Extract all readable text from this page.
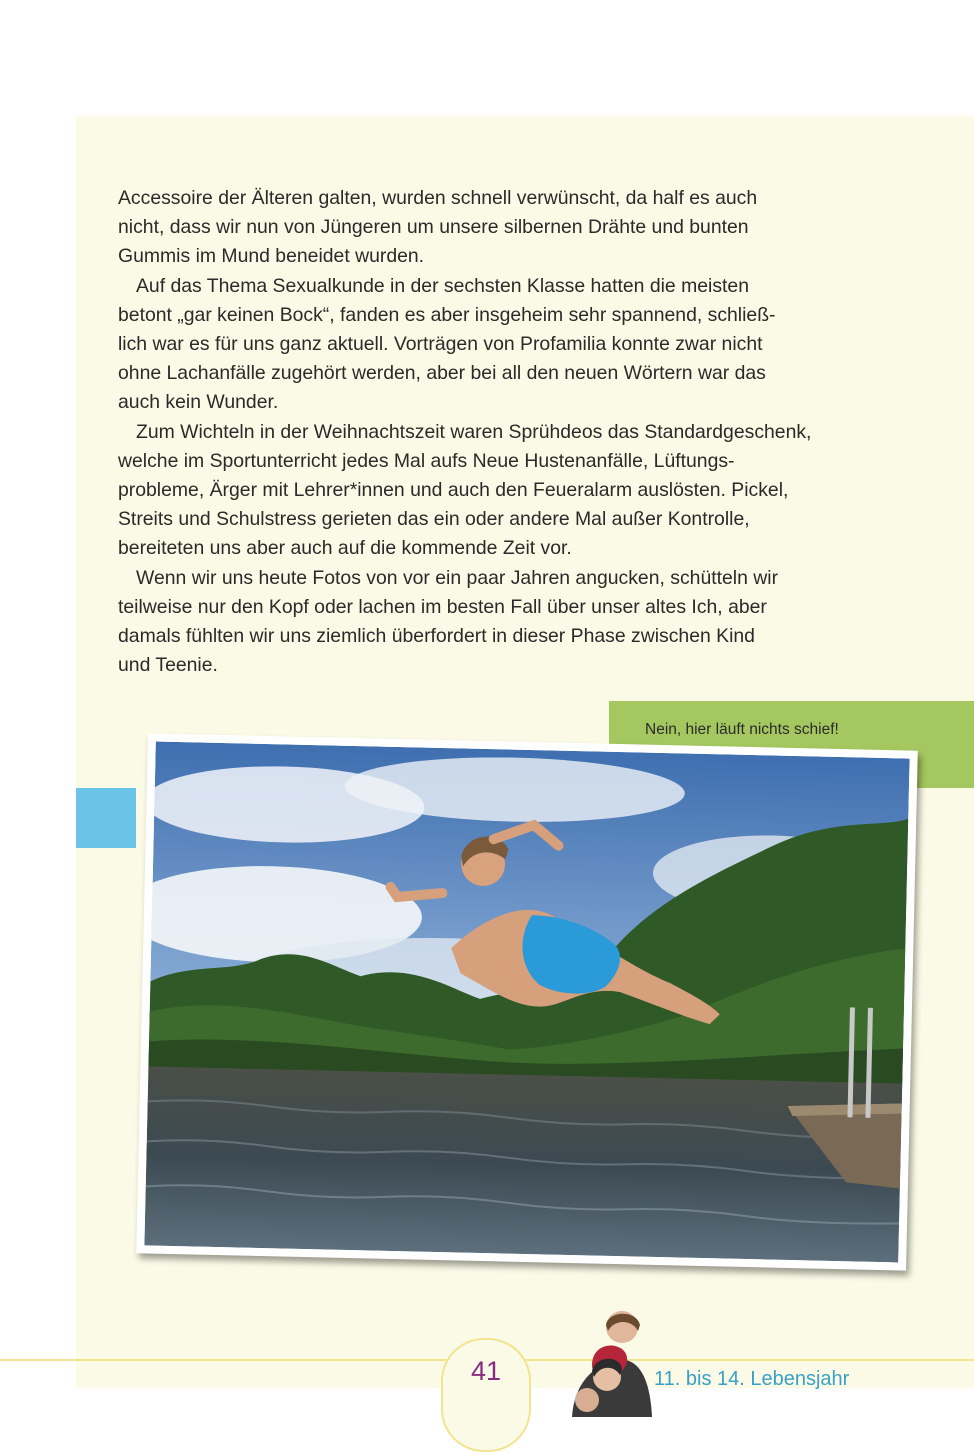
Accessoire der Älteren galten, wurden schnell verwünscht, da half es auch
nicht, dass wir nun von Jüngeren um unsere silbernen Drähte und bunten
Gummis im Mund beneidet wurden.

Auf das Thema Sexualkunde in der sechsten Klasse hatten die meisten
betont „gar keinen Bock“, fanden es aber insgeheim sehr spannend, schließ-
lich war es für uns ganz aktuell. Vorträgen von Profamilia konnte zwar nicht
ohne Lachanfälle zugehört werden, aber bei all den neuen Wörtern war das
auch kein Wunder.

Zum Wichteln in der Weihnachtszeit waren Sprühdeos das Standardgeschenk,
welche im Sportunterricht jedes Mal aufs Neue Hustenanfälle, Lüftungs-
probleme, Ärger mit Lehrer*innen und auch den Feueralarm auslösten. Pickel,
Streits und Schulstress gerieten das ein oder andere Mal außer Kontrolle,
bereiteten uns aber auch auf die kommende Zeit vor.

Wenn wir uns heute Fotos von vor ein paar Jahren angucken, schütteln wir
teilweise nur den Kopf oder lachen im besten Fall über unser altes Ich, aber
damals fühlten wir uns ziemlich überfordert in dieser Phase zwischen Kind
und Teenie.

Nein, hier läuft nichts schief!
41	11. bis 14. Lebensjahr
